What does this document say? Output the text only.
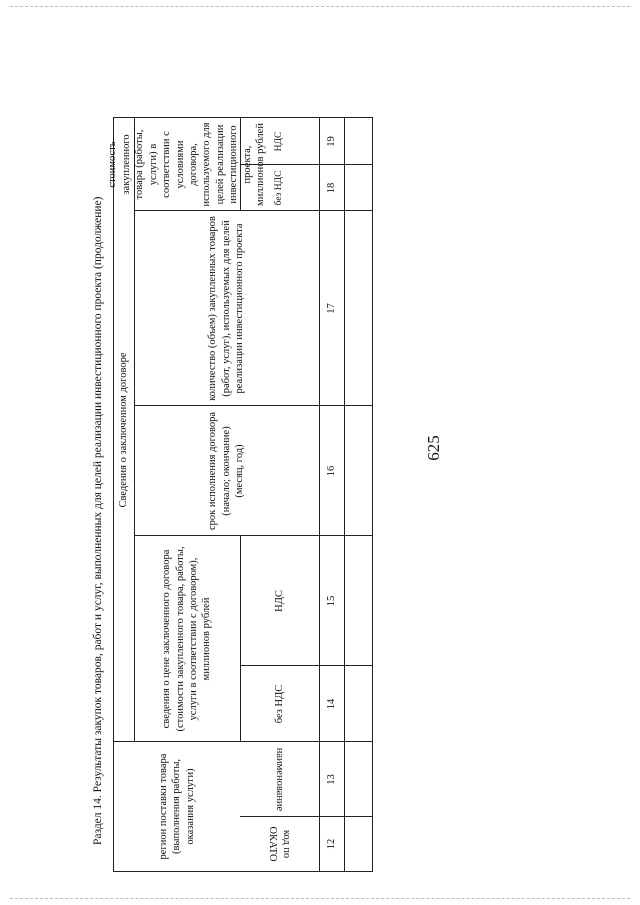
625
Раздел 14. Результаты закупок товаров, работ и услуг, выполненных для целей реализации инвестиционного проекта (продолжение)	регион поставки товара (выполнения работы, оказания услуги)
Сведения о заключенном договоре
сведения о цене заключенного договора (стоимости закупленного товара, работы, услуги в соответствии с договором), миллионов рублей
срок исполнения договора (начало; окончание) (месяц, год)
количество (объем) закупленных товаров (работ, услуг), используемых для целей реализации инвестиционного проекта
стоимость закупленного товара (работы, услуги) в соответствии с условиями договора, используемого для целей реализации инвестиционного проекта, миллионов рублей
код по ОКАТО
наименование
без НДС
НДС
без НДС
НДС
12
13
14
15
16
17
18
19
